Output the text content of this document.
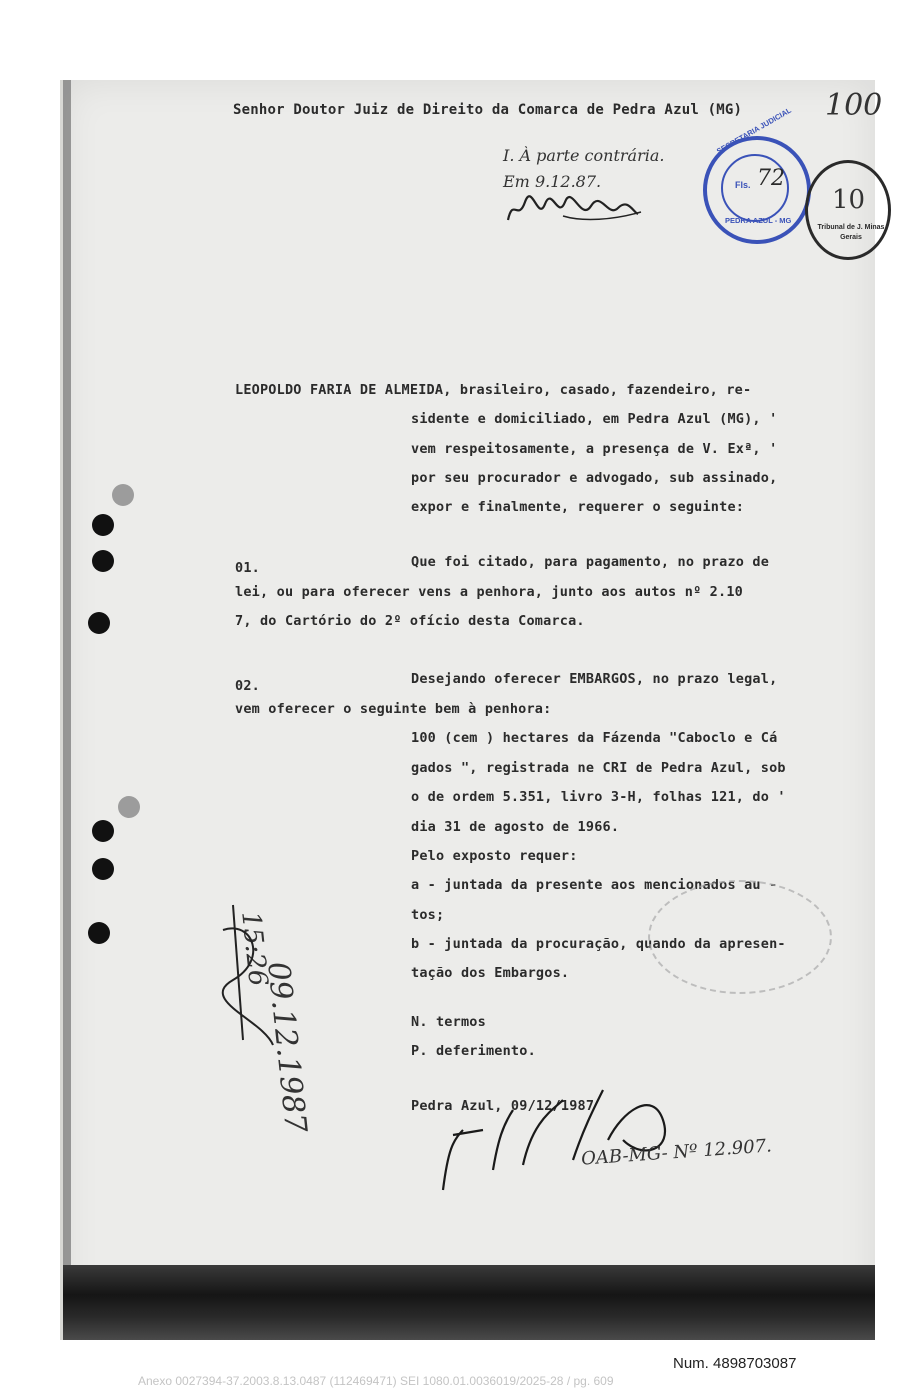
Senhor Doutor Juiz de Direito da Comarca de Pedra Azul (MG)	100
I. À parte contrária.
Em 9.12.87.
SECRETARIA JUDICIAL
PEDRA AZUL - MG
Fls. 72
Tribunal de J. Minas Gerais
10
LEOPOLDO FARIA DE ALMEIDA, brasileiro, casado, fazendeiro, re-
sidente e domiciliado, em Pedra Azul (MG), '
vem respeitosamente, a presença de V. Exª, '
por seu procurador e advogado, sub assinado,
expor e finalmente, requerer o seguinte:
01.	Que foi citado, para pagamento, no prazo de
lei, ou para oferecer vens a penhora, junto aos autos nº 2.10
7, do Cartório do 2º ofício desta Comarca.
02.	Desejando oferecer EMBARGOS, no prazo legal,
vem oferecer o seguinte bem à penhora:
100 (cem ) hectares da Fázenda "Caboclo e Cá
gados ", registrada ne CRI de Pedra Azul, sob
o de ordem 5.351, livro 3-H, folhas 121, do '
dia 31 de agosto de 1966.
Pelo exposto requer:
a - juntada da presente aos mencionados au -
tos;
b - juntada da procuração, quando da apresen-
tação dos Embargos.
N. termos
P. deferimento.
Pedra Azul, 09/12/1987
09.12.1987
15:26
OAB-MG- Nº 12.907.
Num. 4898703087
Anexo 0027394-37.2003.8.13.0487 (112469471) SEI 1080.01.0036019/2025-28 / pg. 609
